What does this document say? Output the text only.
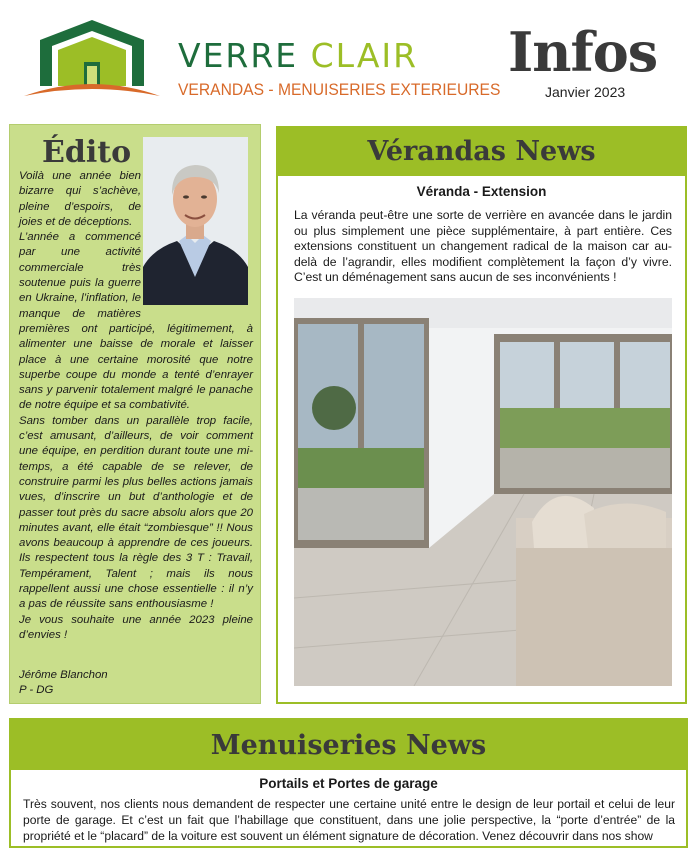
VERRE CLAIR
VERANDAS - MENUISERIES EXTERIEURES
Infos
Janvier 2023
Édito

Voilà une année bien bizarre qui s’achève, pleine d’espoirs, de joies et de déceptions.

L’année a commencé par une activité commerciale très soutenue puis la guerre en Ukraine, l’inflation, le manque de matières premières ont participé, légitimement, à alimenter une baisse de morale et laisser place à une certaine morosité que notre superbe coupe du monde a tenté d’enrayer sans y parvenir totalement malgré le panache de notre équipe et sa combativité.

Sans tomber dans un parallèle trop facile, c’est amusant, d’ailleurs, de voir comment une équipe, en perdition durant toute une mi-temps, a été capable de se relever, de construire parmi les plus belles actions jamais vues, d’inscrire un but d’anthologie et de passer tout près du sacre absolu alors que 20 minutes avant, elle était “zombiesque” !! Nous avons beaucoup à apprendre de ces joueurs. Ils respectent tous la règle des 3 T : Travail, Tempérament, Talent ; mais ils nous rappellent aussi une chose essentielle : il n’y a pas de réussite sans enthousiasme !

Je vous souhaite une année 2023 pleine d’envies !

Jérôme Blanchon
P - DG
Vérandas News
Véranda - Extension

La véranda peut-être une sorte de verrière en avancée dans le jardin ou plus simplement une pièce supplémentaire, à part entière. Ces extensions constituent un changement radical de la maison car au-delà de l’agrandir, elles modifient complètement la façon d’y vivre. C’est un déménagement sans aucun de ses inconvénients !

Menuiseries News
Portails et Portes de garage

Très souvent, nos clients nous demandent de respecter une certaine unité entre le design de leur portail et celui de leur porte de garage. Et c’est un fait que l’habillage que constituent, dans une jolie perspective, la “porte d’entrée” de la propriété et le “placard” de la voiture est souvent un élément signature de décoration. Venez découvrir dans nos show
